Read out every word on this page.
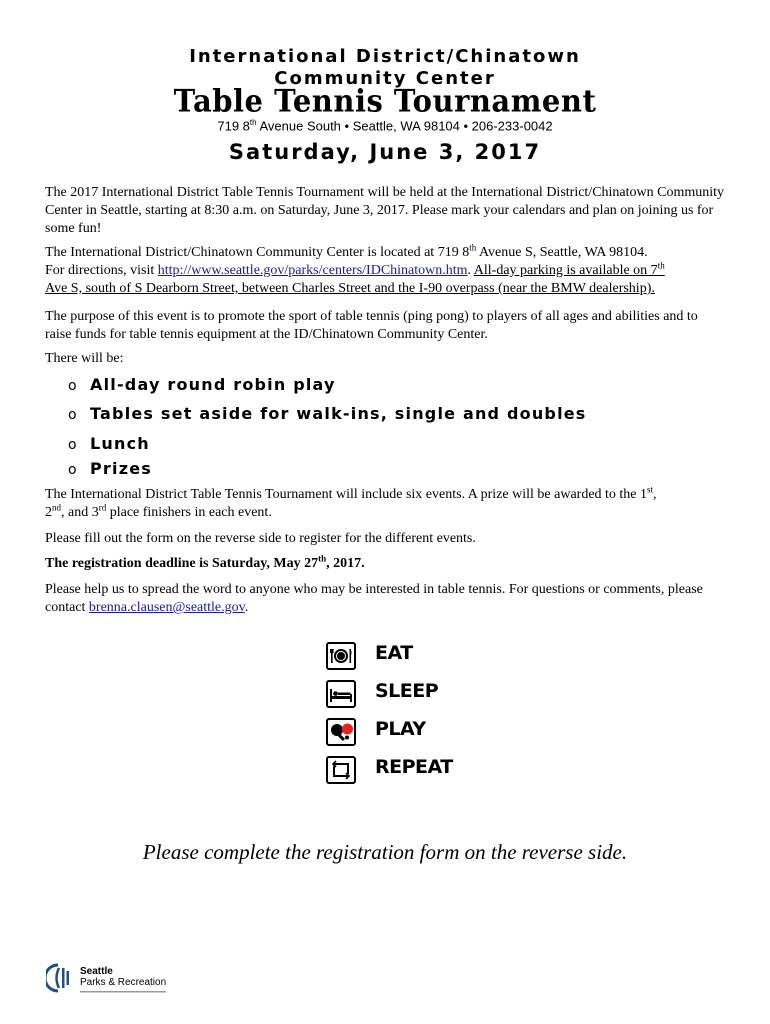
International District/Chinatown
Community Center
Table Tennis Tournament
719 8th Avenue South • Seattle, WA 98104 • 206-233-0042
Saturday, June 3, 2017
The 2017 International District Table Tennis Tournament will be held at the International District/Chinatown Community Center in Seattle, starting at 8:30 a.m. on Saturday, June 3, 2017. Please mark your calendars and plan on joining us for some fun!
The International District/Chinatown Community Center is located at 719 8th Avenue S, Seattle, WA 98104.
For directions, visit http://www.seattle.gov/parks/centers/IDChinatown.htm. All-day parking is available on 7th
Ave S, south of S Dearborn Street, between Charles Street and the I-90 overpass (near the BMW dealership).
The purpose of this event is to promote the sport of table tennis (ping pong) to players of all ages and abilities and to raise funds for table tennis equipment at the ID/Chinatown Community Center.
There will be:
o All-day round robin play
o Tables set aside for walk-ins, single and doubles
o Lunch
o Prizes
The International District Table Tennis Tournament will include six events. A prize will be awarded to the 1st,
2nd, and 3rd place finishers in each event.
Please fill out the form on the reverse side to register for the different events.
The registration deadline is Saturday, May 27th, 2017.
Please help us to spread the word to anyone who may be interested in table tennis. For questions or comments, please contact brenna.clausen@seattle.gov.
EAT
SLEEP
PLAY
REPEAT
Please complete the registration form on the reverse side.
Seattle
Parks & Recreation
